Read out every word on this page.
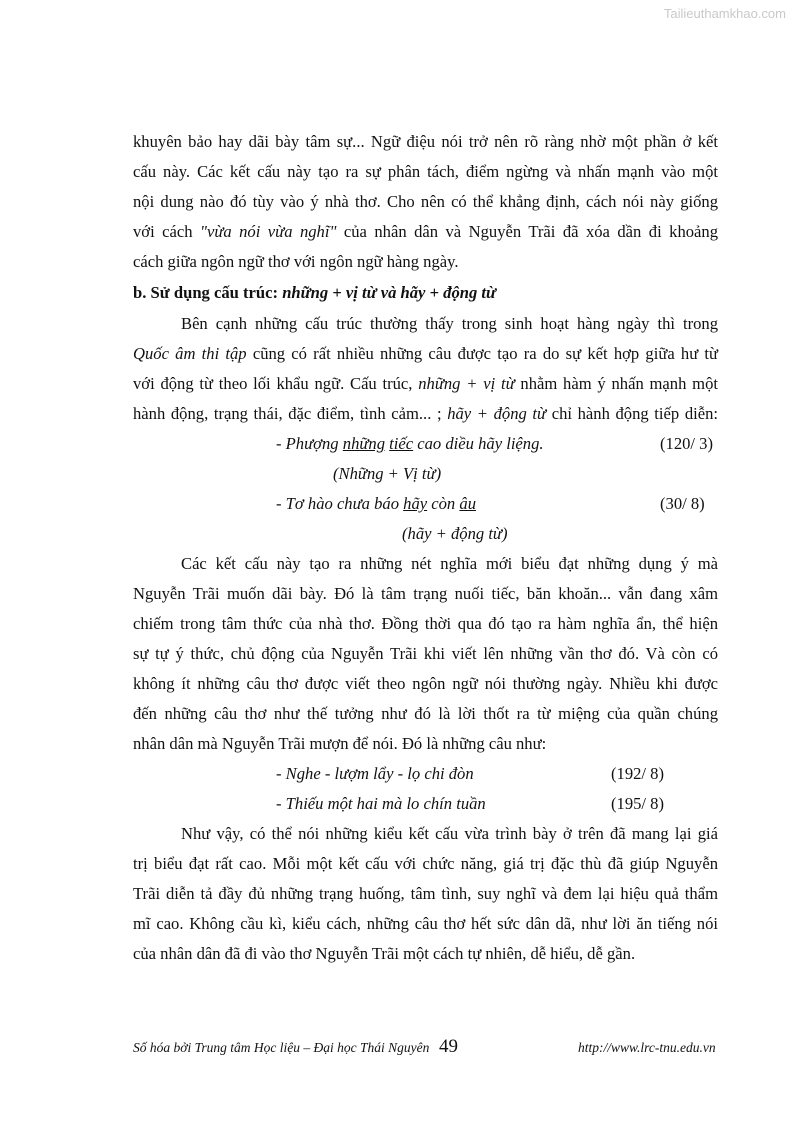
Tailieuthamkhao.com
khuyên bảo hay dãi bày tâm sự... Ngữ điệu nói trở nên rõ ràng nhờ một phần ở kết
cấu này. Các kết cấu này tạo ra sự phân tách, điểm ngừng và nhấn mạnh vào một
nội dung nào đó tùy vào ý nhà thơ. Cho nên có thể khẳng định, cách nói này giống
với cách "vừa nói vừa nghĩ" của nhân dân và Nguyễn Trãi đã xóa dần đi khoảng
cách giữa ngôn ngữ thơ với ngôn ngữ hàng ngày.
b. Sử dụng cấu trúc: những + vị từ và hãy + động từ
Bên cạnh những cấu trúc thường thấy trong sinh hoạt hàng ngày thì trong
Quốc âm thi tập cũng có rất nhiều những câu được tạo ra do sự kết hợp giữa hư từ
với động từ theo lối khẩu ngữ. Cấu trúc, những + vị từ nhằm hàm ý nhấn mạnh một
hành động, trạng thái, đặc điểm, tình cảm... ; hãy + động từ chỉ hành động tiếp diễn:
- Phượng những tiếc cao diều hãy liệng.	(120/ 3)
(Những + Vị từ)
- Tơ hào chưa báo hãy còn âu	(30/ 8)
(hãy + động từ)
Các kết cấu này tạo ra những nét nghĩa mới biểu đạt những dụng ý mà
Nguyễn Trãi muốn dãi bày. Đó là tâm trạng nuối tiếc, băn khoăn... vẫn đang xâm
chiếm trong tâm thức của nhà thơ. Đồng thời qua đó tạo ra hàm nghĩa ẩn, thể hiện
sự tự ý thức, chủ động của Nguyễn Trãi khi viết lên những vần thơ đó. Và còn có
không ít những câu thơ được viết theo ngôn ngữ nói thường ngày. Nhiều khi được
đến những câu thơ như thế tưởng như đó là lời thốt ra từ miệng của quần chúng
nhân dân mà Nguyễn Trãi mượn để nói. Đó là những câu như:
- Nghe - lượm lẩy - lọ chi đòn	(192/ 8)
- Thiếu một hai mà lo chín tuần	(195/ 8)
Như vậy, có thể nói những kiểu kết cấu vừa trình bày ở trên đã mang lại giá
trị biểu đạt rất cao. Mỗi một kết cấu với chức năng, giá trị đặc thù đã giúp Nguyễn
Trãi diễn tả đầy đủ những trạng huống, tâm tình, suy nghĩ và đem lại hiệu quả thẩm
mĩ cao. Không cầu kì, kiểu cách, những câu thơ hết sức dân dã, như lời ăn tiếng nói
của nhân dân đã đi vào thơ Nguyễn Trãi một cách tự nhiên, dễ hiểu, dễ gần.
Số hóa bởi Trung tâm Học liệu – Đại học Thái Nguyên 49	http://www.lrc-tnu.edu.vn
